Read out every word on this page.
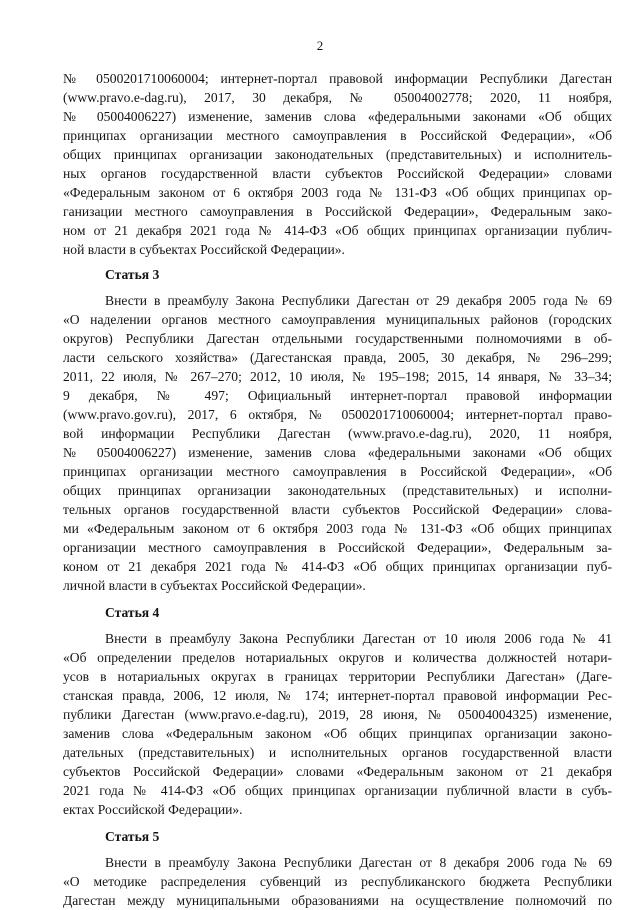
2
№ 0500201710060004; интернет-портал правовой информации Республики Дагестан
(www.pravo.e-dag.ru), 2017, 30 декабря, № 05004002778; 2020, 11 ноября,
№ 05004006227) изменение, заменив слова «федеральными законами «Об общих
принципах организации местного самоуправления в Российской Федерации», «Об
общих принципах организации законодательных (представительных) и исполнитель-
ных органов государственной власти субъектов Российской Федерации» словами
«Федеральным законом от 6 октября 2003 года № 131-ФЗ «Об общих принципах ор-
ганизации местного самоуправления в Российской Федерации», Федеральным зако-
ном от 21 декабря 2021 года № 414-ФЗ «Об общих принципах организации публич-
ной власти в субъектах Российской Федерации».
Статья 3
Внести в преамбулу Закона Республики Дагестан от 29 декабря 2005 года № 69
«О наделении органов местного самоуправления муниципальных районов (городских
округов) Республики Дагестан отдельными государственными полномочиями в об-
ласти сельского хозяйства» (Дагестанская правда, 2005, 30 декабря, № 296–299;
2011, 22 июля, № 267–270; 2012, 10 июля, № 195–198; 2015, 14 января, № 33–34;
9 декабря, № 497; Официальный интернет-портал правовой информации
(www.pravo.gov.ru), 2017, 6 октября, № 0500201710060004; интернет-портал право-
вой информации Республики Дагестан (www.pravo.e-dag.ru), 2020, 11 ноября,
№ 05004006227) изменение, заменив слова «федеральными законами «Об общих
принципах организации местного самоуправления в Российской Федерации», «Об
общих принципах организации законодательных (представительных) и исполни-
тельных органов государственной власти субъектов Российской Федерации» слова-
ми «Федеральным законом от 6 октября 2003 года № 131-ФЗ «Об общих принципах
организации местного самоуправления в Российской Федерации», Федеральным за-
коном от 21 декабря 2021 года № 414-ФЗ «Об общих принципах организации пуб-
личной власти в субъектах Российской Федерации».
Статья 4
Внести в преамбулу Закона Республики Дагестан от 10 июля 2006 года № 41
«Об определении пределов нотариальных округов и количества должностей нотари-
усов в нотариальных округах в границах территории Республики Дагестан» (Даге-
станская правда, 2006, 12 июля, № 174; интернет-портал правовой информации Рес-
публики Дагестан (www.pravo.e-dag.ru), 2019, 28 июня, № 05004004325) изменение,
заменив слова «Федеральным законом «Об общих принципах организации законо-
дательных (представительных) и исполнительных органов государственной власти
субъектов Российской Федерации» словами «Федеральным законом от 21 декабря
2021 года № 414-ФЗ «Об общих принципах организации публичной власти в субъ-
ектах Российской Федерации».
Статья 5
Внести в преамбулу Закона Республики Дагестан от 8 декабря 2006 года № 69
«О методике распределения субвенций из республиканского бюджета Республики
Дагестан между муниципальными образованиями на осуществление полномочий по
